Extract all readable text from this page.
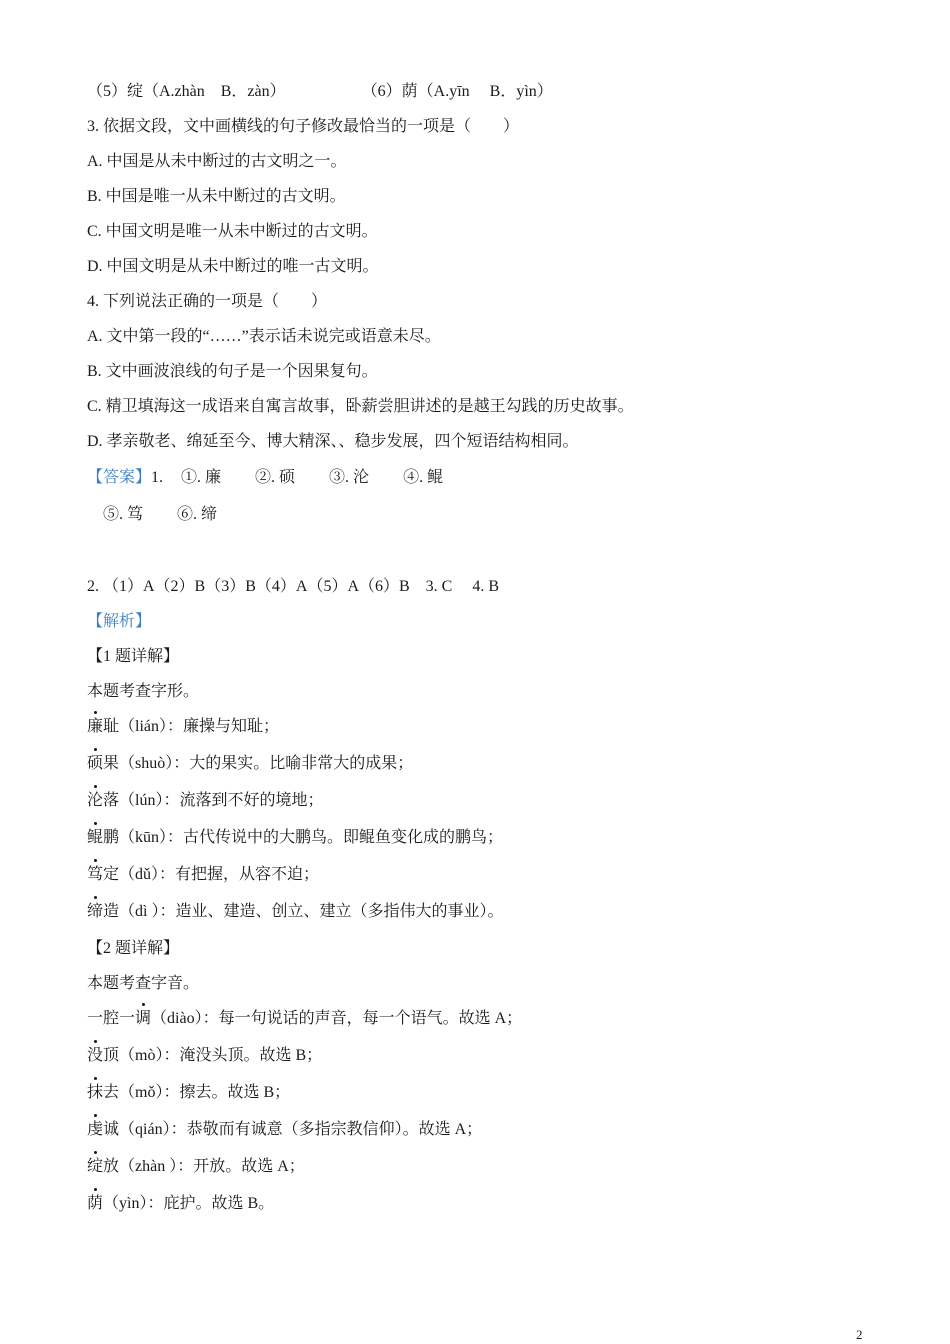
（5）绽（A.zhàn　B．zàn）	（6）荫（A.yīn　 B．yìn）
3. 依据文段，文中画横线的句子修改最恰当的一项是（　　）
A. 中国是从未中断过的古文明之一。
B. 中国是唯一从未中断过的古文明。
C. 中国文明是唯一从未中断过的古文明。
D. 中国文明是从未中断过的唯一古文明。
4. 下列说法正确的一项是（　　）
A. 文中第一段的“……”表示话未说完或语意未尽。
B. 文中画波浪线的句子是一个因果复句。
C. 精卫填海这一成语来自寓言故事，卧薪尝胆讲述的是越王勾践的历史故事。
D. 孝亲敬老、绵延至今、博大精深、、稳步发展，四个短语结构相同。
【答案】1. ①. 廉 ②. 硕 ③. 沦 ④. 鲲
⑤. 笃 ⑥. 缔
2. （1）A（2）B（3）B（4）A（5）A（6）B　3. C　 4. B
【解析】
【1 题详解】
本题考查字形。
廉耻（lián）：廉操与知耻；
硕果（shuò）：大的果实。比喻非常大的成果；
沦落（lún）：流落到不好的境地；
鲲鹏（kūn）：古代传说中的大鹏鸟。即鲲鱼变化成的鹏鸟；
笃定（dǔ）：有把握，从容不迫；
缔造（dì ）：造业、建造、创立、建立（多指伟大的事业）。
【2 题详解】
本题考查字音。
一腔一调（diào）：每一句说话的声音，每一个语气。故选 A；
没顶（mò）：淹没头顶。故选 B；
抹去（mǒ）：擦去。故选 B；
虔诚（qián）：恭敬而有诚意（多指宗教信仰）。故选 A；
绽放（zhàn ）：开放。故选 A；
荫（yìn）：庇护。故选 B。
2
